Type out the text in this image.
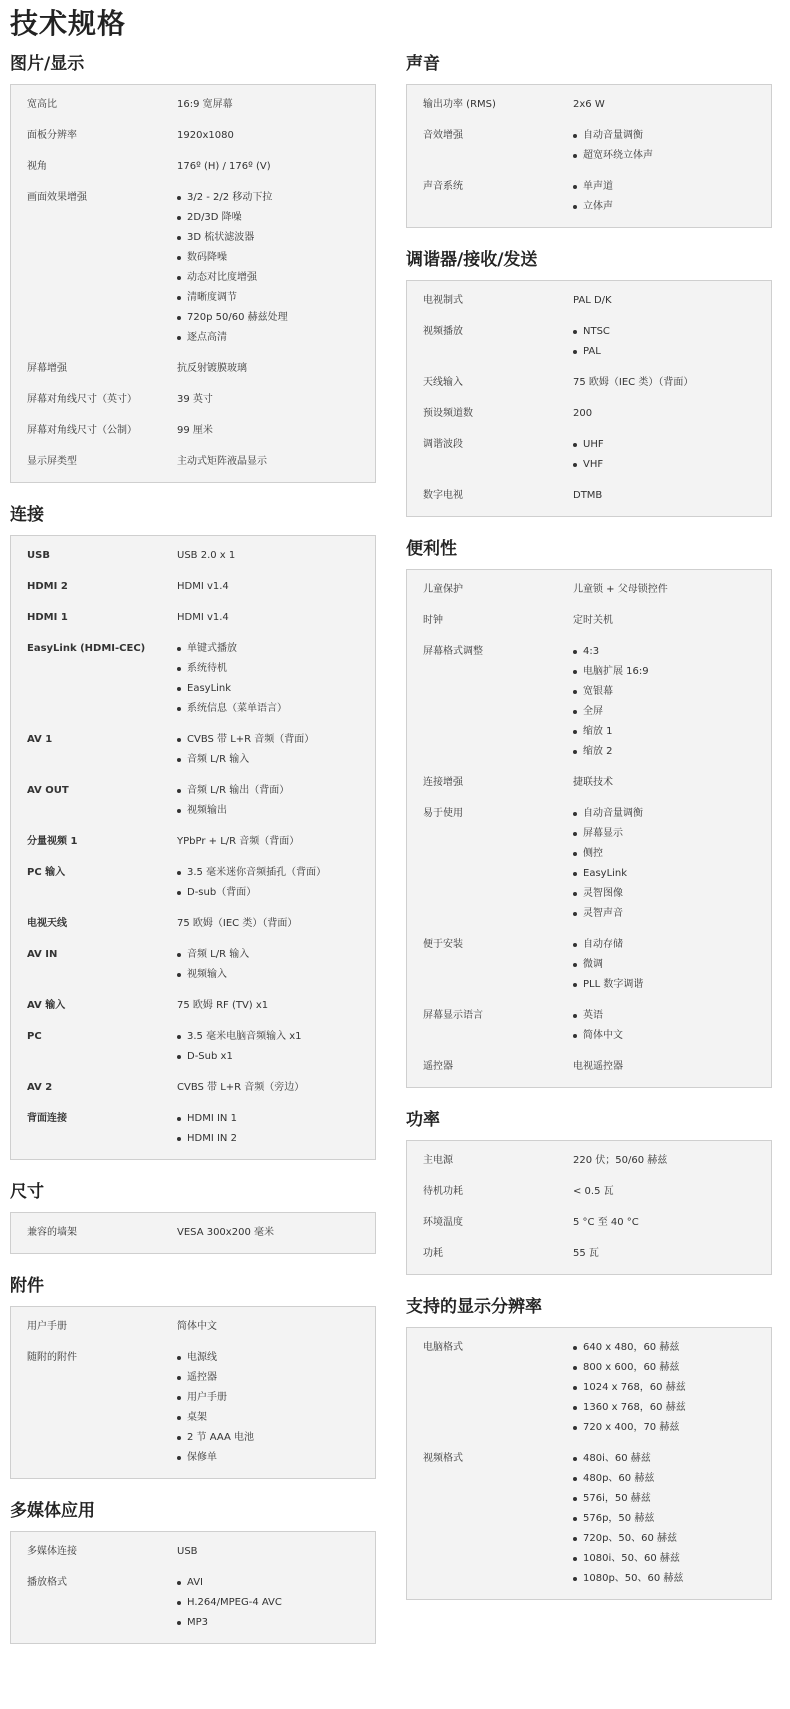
技术规格
图片/显示
宽高比	16:9 宽屏幕
面板分辨率	1920x1080
视角	176º (H) / 176º (V)
画面效果增强	3/2 - 2/2 移动下拉
2D/3D 降噪
3D 梳状滤波器
数码降噪
动态对比度增强
清晰度调节
720p 50/60 赫兹处理
逐点高清
屏幕增强	抗反射镀膜玻璃
屏幕对角线尺寸（英寸）	39 英寸
屏幕对角线尺寸（公制）	99 厘米
显示屏类型	主动式矩阵液晶显示
连接
USB	USB 2.0 x 1
HDMI 2	HDMI v1.4
HDMI 1	HDMI v1.4
EasyLink (HDMI-CEC)	单键式播放
系统待机
EasyLink
系统信息（菜单语言）
AV 1	CVBS 带 L+R 音频（背面）
音频 L/R 输入
AV OUT	音频 L/R 输出（背面）
视频输出
分量视频 1	YPbPr + L/R 音频（背面）
PC 输入	3.5 毫米迷你音频插孔（背面）
D-sub（背面）
电视天线	75 欧姆（IEC 类）（背面）
AV IN	音频 L/R 输入
视频输入
AV 输入	75 欧姆 RF (TV) x1
PC	3.5 毫米电脑音频输入 x1
D-Sub x1
AV 2	CVBS 带 L+R 音频（旁边）
背面连接	HDMI IN 1
HDMI IN 2
尺寸
兼容的墙架	VESA 300x200 毫米
附件
用户手册	简体中文
随附的附件	电源线
遥控器
用户手册
桌架
2 节 AAA 电池
保修单
多媒体应用
多媒体连接	USB
播放格式	AVI
H.264/MPEG-4 AVC
MP3
声音
输出功率 (RMS)	2x6 W
音效增强	自动音量调衡
超宽环绕立体声
声音系统	单声道
立体声
调谐器/接收/发送
电视制式	PAL D/K
视频播放	NTSC
PAL
天线输入	75 欧姆（IEC 类）（背面）
预设频道数	200
调谐波段	UHF
VHF
数字电视	DTMB
便利性
儿童保护	儿童锁 + 父母锁控件
时钟	定时关机
屏幕格式调整	4:3
电脑扩展 16:9
宽银幕
全屏
缩放 1
缩放 2
连接增强	捷联技术
易于使用	自动音量调衡
屏幕显示
侧控
EasyLink
灵智图像
灵智声音
便于安装	自动存储
微调
PLL 数字调谐
屏幕显示语言	英语
简体中文
遥控器	电视遥控器
功率
主电源	220 伏；50/60 赫兹
待机功耗	< 0.5 瓦
环境温度	5 °C 至 40 °C
功耗	55 瓦
支持的显示分辨率
电脑格式	640 x 480，60 赫兹
800 x 600，60 赫兹
1024 x 768，60 赫兹
1360 x 768，60 赫兹
720 x 400，70 赫兹
视频格式	480i、60 赫兹
480p、60 赫兹
576i，50 赫兹
576p，50 赫兹
720p、50、60 赫兹
1080i、50、60 赫兹
1080p、50、60 赫兹
